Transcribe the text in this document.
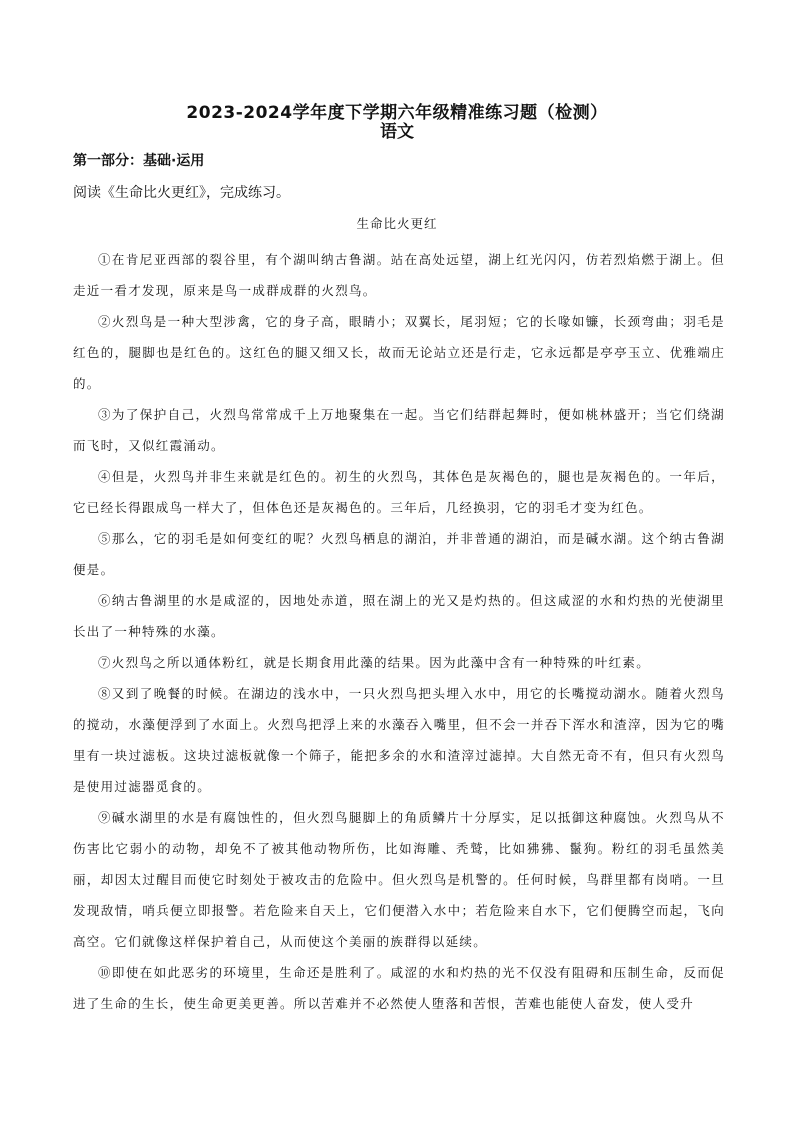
2023-2024学年度下学期六年级精准练习题（检测）
语文
第一部分：基础·运用
阅读《生命比火更红》，完成练习。
生命比火更红

①在肯尼亚西部的裂谷里，有个湖叫纳古鲁湖。站在高处远望，湖上红光闪闪，仿若烈焰燃于湖上。但走近一看才发现，原来是鸟一成群成群的火烈鸟。

②火烈鸟是一种大型涉禽，它的身子高，眼睛小；双翼长，尾羽短；它的长喙如镰，长颈弯曲；羽毛是红色的，腿脚也是红色的。这红色的腿又细又长，故而无论站立还是行走，它永远都是亭亭玉立、优雅端庄的。

③为了保护自己，火烈鸟常常成千上万地聚集在一起。当它们结群起舞时，便如桃林盛开；当它们绕湖而飞时，又似红霞涌动。

④但是，火烈鸟并非生来就是红色的。初生的火烈鸟，其体色是灰褐色的，腿也是灰褐色的。一年后，它已经长得跟成鸟一样大了，但体色还是灰褐色的。三年后，几经换羽，它的羽毛才变为红色。

⑤那么，它的羽毛是如何变红的呢？火烈鸟栖息的湖泊，并非普通的湖泊，而是碱水湖。这个纳古鲁湖便是。

⑥纳古鲁湖里的水是咸涩的，因地处赤道，照在湖上的光又是灼热的。但这咸涩的水和灼热的光使湖里长出了一种特殊的水藻。

⑦火烈鸟之所以通体粉红，就是长期食用此藻的结果。因为此藻中含有一种特殊的叶红素。

⑧又到了晚餐的时候。在湖边的浅水中，一只火烈鸟把头埋入水中，用它的长嘴搅动湖水。随着火烈鸟的搅动，水藻便浮到了水面上。火烈鸟把浮上来的水藻吞入嘴里，但不会一并吞下浑水和渣滓，因为它的嘴里有一块过滤板。这块过滤板就像一个筛子，能把多余的水和渣滓过滤掉。大自然无奇不有，但只有火烈鸟是使用过滤器觅食的。

⑨碱水湖里的水是有腐蚀性的，但火烈鸟腿脚上的角质鳞片十分厚实，足以抵御这种腐蚀。火烈鸟从不伤害比它弱小的动物，却免不了被其他动物所伤，比如海雕、秃鹫，比如狒狒、鬣狗。粉红的羽毛虽然美丽，却因太过醒目而使它时刻处于被攻击的危险中。但火烈鸟是机警的。任何时候，鸟群里都有岗哨。一旦发现敌情，哨兵便立即报警。若危险来自天上，它们便潜入水中；若危险来自水下，它们便腾空而起，飞向高空。它们就像这样保护着自己，从而使这个美丽的族群得以延续。

⑩即使在如此恶劣的环境里，生命还是胜利了。咸涩的水和灼热的光不仅没有阻碍和压制生命，反而促进了生命的生长，使生命更美更善。所以苦难并不必然使人堕落和苦恨，苦难也能使人奋发，使人受升
